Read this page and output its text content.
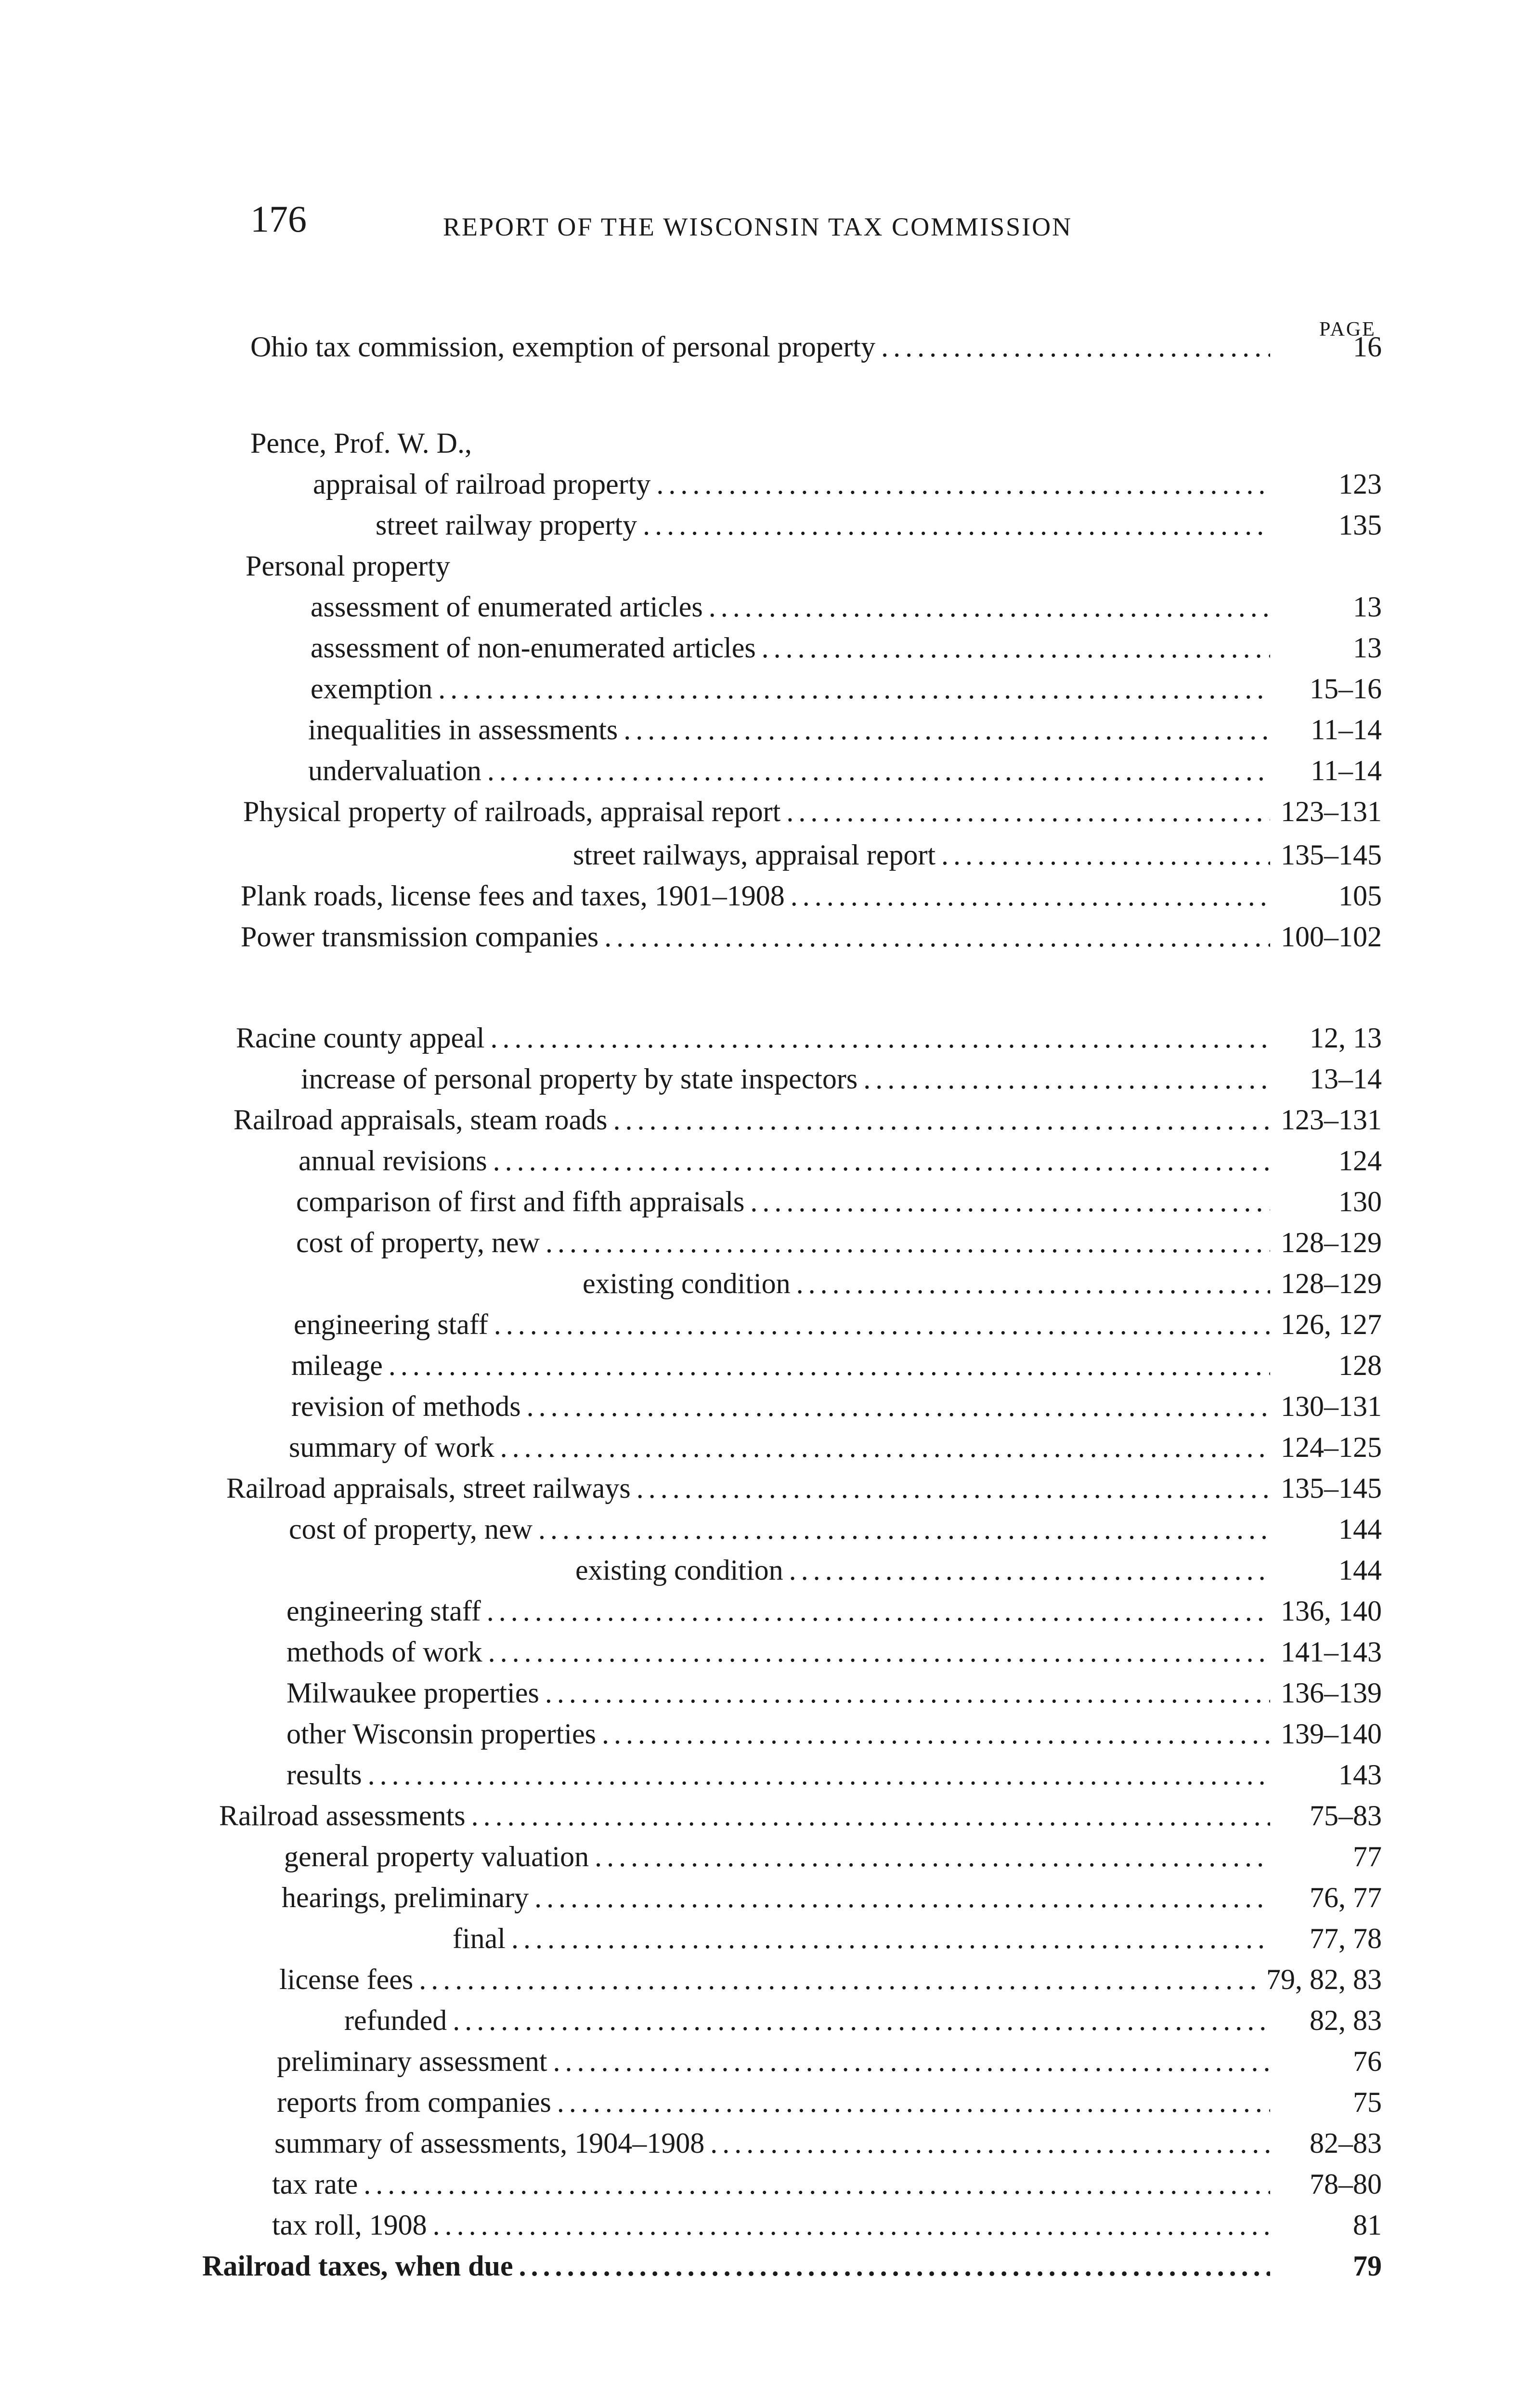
176	REPORT OF THE WISCONSIN TAX COMMISSION
PAGE
Ohio tax commission, exemption of personal property .....	16
Pence, Prof. W. D.,
appraisal of railroad property .....	123
street railway property .....	135
Personal property
assessment of enumerated articles .....	13
assessment of non-enumerated articles .....	13
exemption .....	15–16
inequalities in assessments .....	11–14
undervaluation .....	11–14
Physical property of railroads, appraisal report .....	123–131
street railways, appraisal report .....	135–145
Plank roads, license fees and taxes, 1901–1908 .....	105
Power transmission companies .....	100–102
Racine county appeal .....	12, 13
increase of personal property by state inspectors .....	13–14
Railroad appraisals, steam roads .....	123–131
annual revisions .....	124
comparison of first and fifth appraisals .....	130
cost of property, new .....	128–129
existing condition .....	128–129
engineering staff .....	126, 127
mileage .....	128
revision of methods .....	130–131
summary of work .....	124–125
Railroad appraisals, street railways .....	135–145
cost of property, new .....	144
existing condition .....	144
engineering staff .....	136, 140
methods of work .....	141–143
Milwaukee properties .....	136–139
other Wisconsin properties .....	139–140
results .....	143
Railroad assessments .....	75–83
general property valuation .....	77
hearings, preliminary .....	76, 77
final .....	77, 78
license fees .....	79, 82, 83
refunded .....	82, 83
preliminary assessment .....	76
reports from companies .....	75
summary of assessments, 1904–1908 .....	82–83
tax rate .....	78–80
tax roll, 1908 .....	81
Railroad taxes, when due .....	79
